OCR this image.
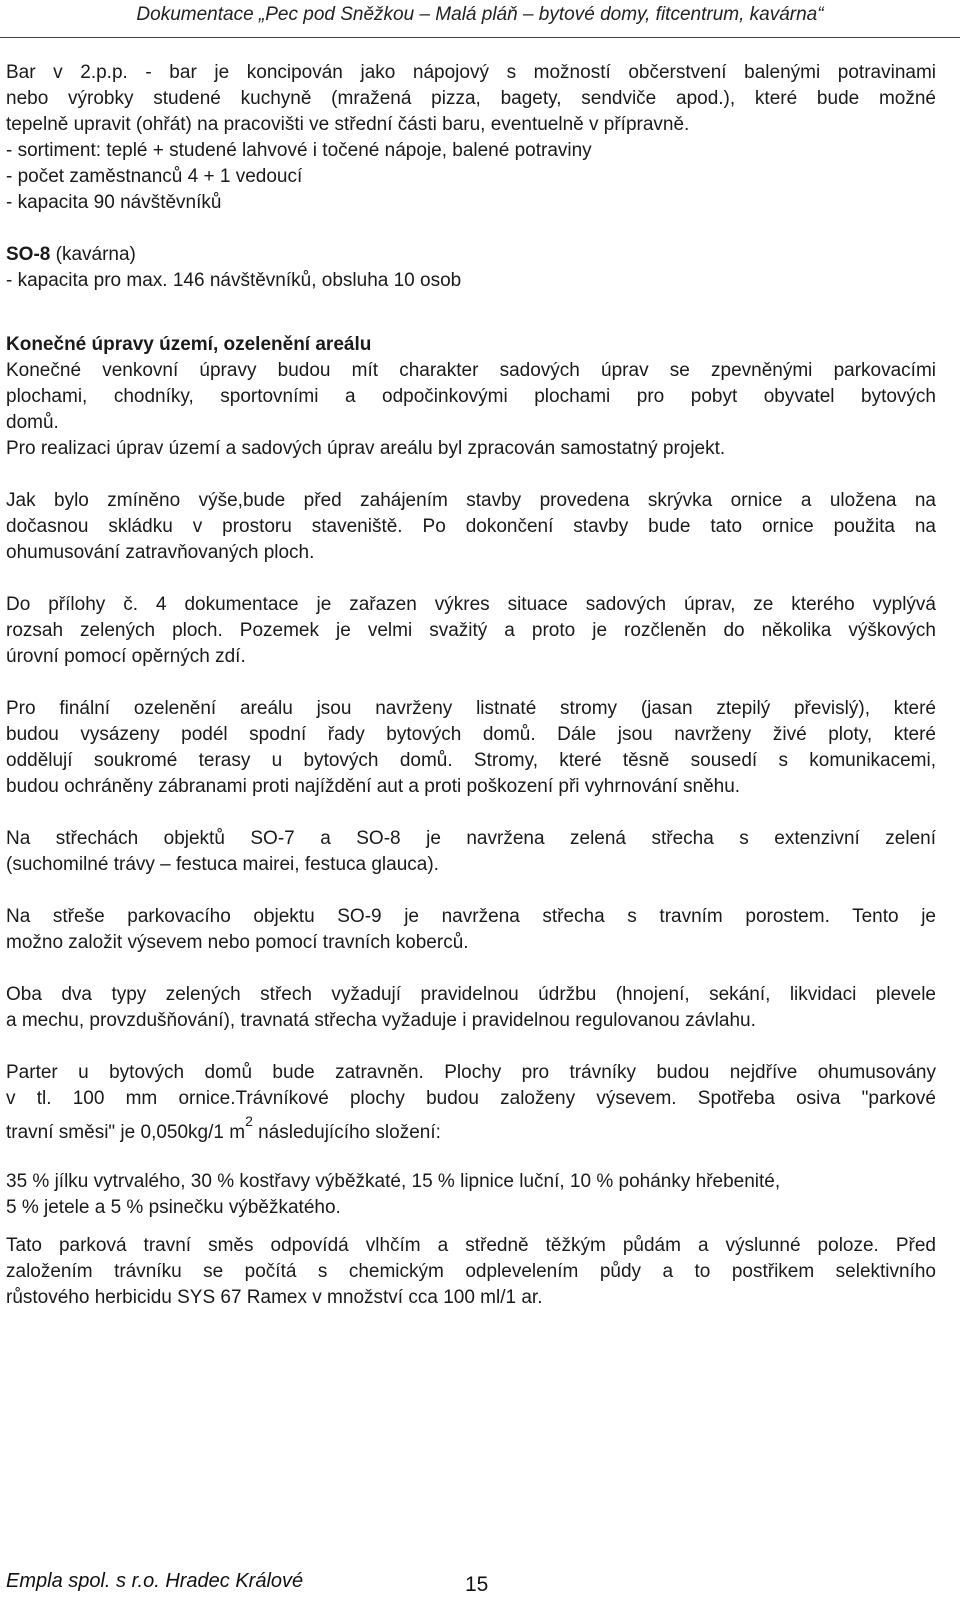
Dokumentace „Pec pod Sněžkou – Malá pláň – bytové domy, fitcentrum, kavárna“
Bar v 2.p.p. - bar je koncipován jako nápojový s možností občerstvení balenými potravinami
nebo výrobky studené kuchyně (mražená pizza, bagety, sendviče apod.), které bude možné
tepelně upravit (ohřát) na pracovišti ve střední části baru, eventuelně v přípravně.
- sortiment: teplé + studené lahvové i točené nápoje, balené potraviny
- počet zaměstnanců 4 + 1 vedoucí
- kapacita 90 návštěvníků
SO-8 (kavárna)
- kapacita pro max. 146 návštěvníků, obsluha 10 osob
Konečné úpravy území, ozelenění areálu
Konečné venkovní úpravy budou mít charakter sadových úprav se zpevněnými parkovacími
plochami, chodníky, sportovními a odpočinkovými plochami pro pobyt obyvatel bytových
domů.
Pro realizaci úprav území a sadových úprav areálu byl zpracován samostatný projekt.
Jak bylo zmíněno výše,bude před zahájením stavby provedena skrývka ornice a uložena na
dočasnou skládku v prostoru staveniště. Po dokončení stavby bude tato ornice použita na
ohumusování zatravňovaných ploch.
Do přílohy č. 4 dokumentace je zařazen výkres situace sadových úprav, ze kterého vyplývá
rozsah zelených ploch. Pozemek je velmi svažitý a proto je rozčleněn do několika výškových
úrovní pomocí opěrných zdí.
Pro finální ozelenění areálu jsou navrženy listnaté stromy (jasan ztepilý převislý), které
budou vysázeny podél spodní řady bytových domů. Dále jsou navrženy živé ploty, které
oddělují soukromé terasy u bytových domů. Stromy, které těsně sousedí s komunikacemi,
budou ochráněny zábranami proti najíždění aut a proti poškození při vyhrnování sněhu.
Na střechách objektů SO-7 a SO-8 je navržena zelená střecha s extenzivní zelení
(suchomilné trávy – festuca mairei, festuca glauca).
Na střeše parkovacího objektu SO-9 je navržena střecha s travním porostem. Tento je
možno založit výsevem nebo pomocí travních koberců.
Oba dva typy zelených střech vyžadují pravidelnou údržbu (hnojení, sekání, likvidaci plevele
a mechu, provzdušňování), travnatá střecha vyžaduje i pravidelnou regulovanou závlahu.
Parter u bytových domů bude zatravněn. Plochy pro trávníky budou nejdříve ohumusovány
v tl. 100 mm ornice.Trávníkové plochy budou založeny výsevem. Spotřeba osiva "parkové
travní směsi" je 0,050kg/1 $m^2$ následujícího složení:
35 % jílku vytrvalého, 30 % kostřavy výběžkaté, 15 % lipnice luční, 10 % pohánky hřebenité,
5 % jetele a 5 % psinečku výběžkatého.
Tato parková travní směs odpovídá vlhčím a středně těžkým půdám a výslunné poloze. Před
založením trávníku se počítá s chemickým odplevelením půdy a to postřikem selektivního
růstového herbicidu SYS 67 Ramex v množství cca 100 ml/1 ar.
Empla spol. s r.o. Hradec Králové	15
